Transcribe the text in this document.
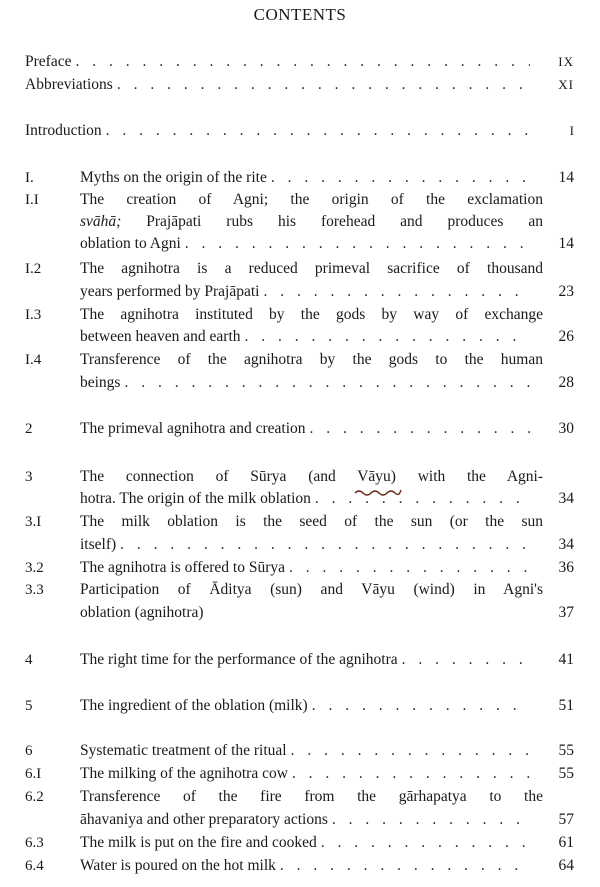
CONTENTS
Preface . . .	IX
Abbreviations . . .	XI
Introduction . . .	I
I.	Myths on the origin of the rite . . .	14
I.I	The creation of Agni; the origin of the exclamation
svāhā; Prajāpati rubs his forehead and produces an
oblation to Agni . . .	14
I.2	The agnihotra is a reduced primeval sacrifice of thousand
years performed by Prajāpati . . .	23
I.3	The agnihotra instituted by the gods by way of exchange
between heaven and earth . . .	26
I.4	Transference of the agnihotra by the gods to the human
beings . . .	28
2	The primeval agnihotra and creation . . .	30
3	The connection of Sūrya (and Vāyu) with the Agni-
hotra. The origin of the milk oblation . . .	34
3.I	The milk oblation is the seed of the sun (or the sun
itself) . . .	34
3.2 The agnihotra is offered to Sūrya . . .	36
3.3 Participation of Āditya (sun) and Vāyu (wind) in Agni's
oblation (agnihotra)	37
4	The right time for the performance of the agnihotra . . .	41
5	The ingredient of the oblation (milk) . . .	51
6	Systematic treatment of the ritual . . .	55
6.I	The milking of the agnihotra cow . . .	55
6.2 Transference of the fire from the gārhapatya to the
āhavaniya and other preparatory actions . . .	57
6.3 The milk is put on the fire and cooked . . .	61
6.4 Water is poured on the hot milk . . .	64
